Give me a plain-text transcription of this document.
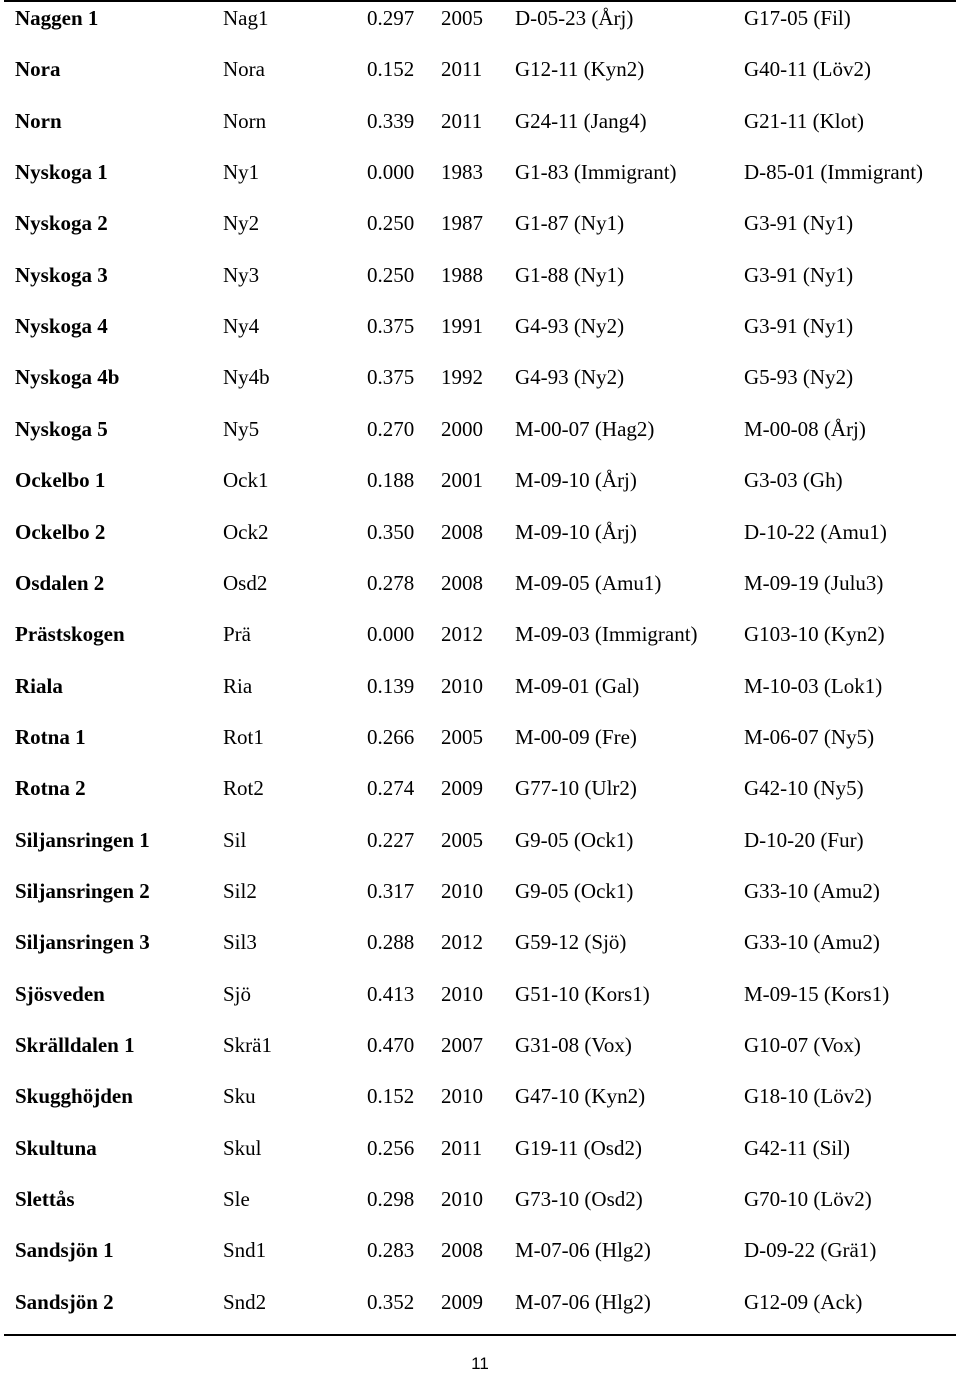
Naggen 1	Nag1	0.297 2005 D-05-23 (Årj)	G17-05 (Fil)
Nora	Nora	0.152 2011 G12-11 (Kyn2)	G40-11 (Löv2)
Norn	Norn	0.339 2011 G24-11 (Jang4)	G21-11 (Klot)
Nyskoga 1	Ny1	0.000 1983 G1-83 (Immigrant)	D-85-01 (Immigrant)
Nyskoga 2	Ny2	0.250 1987 G1-87 (Ny1)	G3-91 (Ny1)
Nyskoga 3	Ny3	0.250 1988 G1-88 (Ny1)	G3-91 (Ny1)
Nyskoga 4	Ny4	0.375 1991 G4-93 (Ny2)	G3-91 (Ny1)
Nyskoga 4b	Ny4b	0.375 1992 G4-93 (Ny2)	G5-93 (Ny2)
Nyskoga 5	Ny5	0.270 2000 M-00-07 (Hag2)	M-00-08 (Årj)
Ockelbo 1	Ock1	0.188 2001 M-09-10 (Årj)	G3-03 (Gh)
Ockelbo 2	Ock2	0.350 2008 M-09-10 (Årj)	D-10-22 (Amu1)
Osdalen 2	Osd2	0.278 2008 M-09-05 (Amu1)	M-09-19 (Julu3)
Prästskogen	Prä	0.000 2012 M-09-03 (Immigrant) G103-10 (Kyn2)
Riala	Ria	0.139 2010 M-09-01 (Gal)	M-10-03 (Lok1)
Rotna 1	Rot1	0.266 2005 M-00-09 (Fre)	M-06-07 (Ny5)
Rotna 2	Rot2	0.274 2009 G77-10 (Ulr2)	G42-10 (Ny5)
Siljansringen 1	Sil	0.227 2005 G9-05 (Ock1)	D-10-20 (Fur)
Siljansringen 2	Sil2	0.317 2010 G9-05 (Ock1)	G33-10 (Amu2)
Siljansringen 3	Sil3	0.288 2012 G59-12 (Sjö)	G33-10 (Amu2)
Sjösveden	Sjö	0.413 2010 G51-10 (Kors1)	M-09-15 (Kors1)
Skrälldalen 1	Skrä1	0.470 2007 G31-08 (Vox)	G10-07 (Vox)
Skugghöjden	Sku	0.152 2010 G47-10 (Kyn2)	G18-10 (Löv2)
Skultuna	Skul	0.256 2011 G19-11 (Osd2)	G42-11 (Sil)
Slettås	Sle	0.298 2010 G73-10 (Osd2)	G70-10 (Löv2)
Sandsjön 1	Snd1	0.283 2008 M-07-06 (Hlg2)	D-09-22 (Grä1)
Sandsjön 2	Snd2	0.352 2009 M-07-06 (Hlg2)	G12-09 (Ack)
11
